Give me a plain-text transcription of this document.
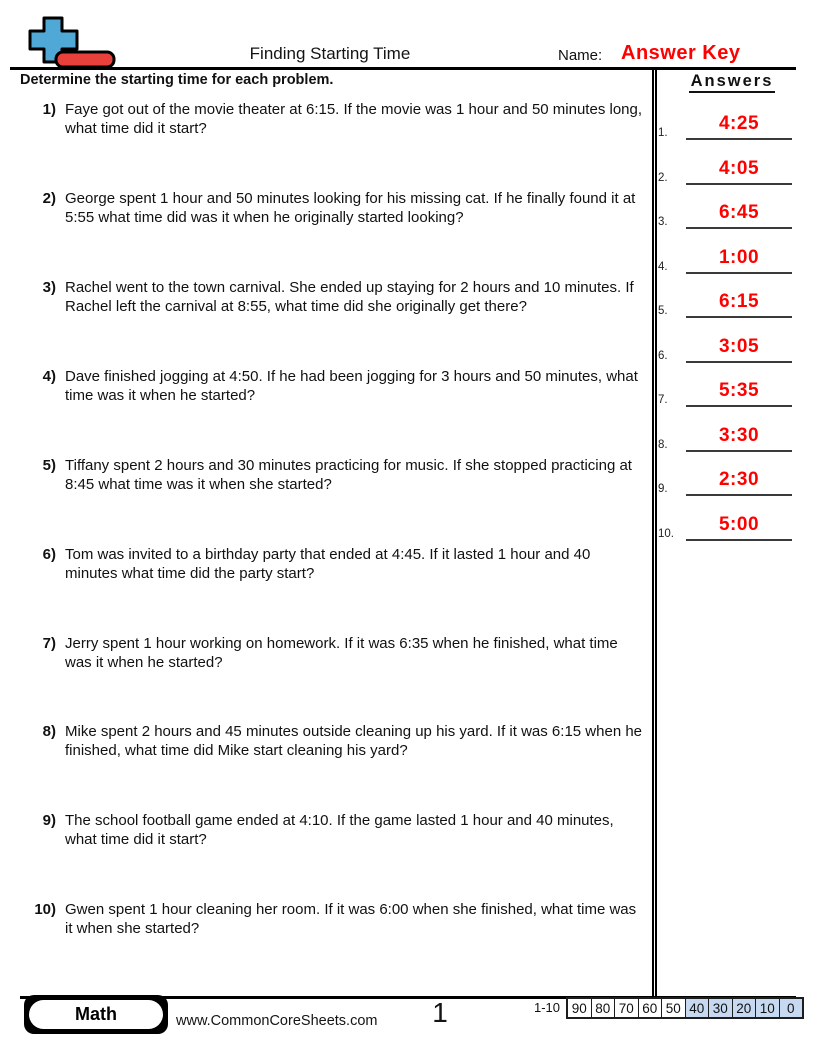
Finding Starting Time	Name: Answer Key
Determine the starting time for each problem.
1) Faye got out of the movie theater at 6:15. If the movie was 1 hour and 50 minutes long, what time did it start?
2) George spent 1 hour and 50 minutes looking for his missing cat. If he finally found it at 5:55 what time did was it when he originally started looking?
3) Rachel went to the town carnival. She ended up staying for 2 hours and 10 minutes. If Rachel left the carnival at 8:55, what time did she originally get there?
4) Dave finished jogging at 4:50. If he had been jogging for 3 hours and 50 minutes, what time was it when he started?
5) Tiffany spent 2 hours and 30 minutes practicing for music. If she stopped practicing at 8:45 what time was it when she started?
6) Tom was invited to a birthday party that ended at 4:45. If it lasted 1 hour and 40 minutes what time did the party start?
7) Jerry spent 1 hour working on homework. If it was 6:35 when he finished, what time was it when he started?
8) Mike spent 2 hours and 45 minutes outside cleaning up his yard. If it was 6:15 when he finished, what time did Mike start cleaning his yard?
9) The school football game ended at 4:10. If the game lasted 1 hour and 40 minutes, what time did it start?
10) Gwen spent 1 hour cleaning her room. If it was 6:00 when she finished, what time was it when she started?
Answers
1.	4:25
2.	4:05
3.	6:45
4.	1:00
5.	6:15
6.	3:05
7.	5:35
8.	3:30
9.	2:30
10.	5:00
Math	www.CommonCoreSheets.com	1	1-10 90 80 70 60 50 40 30 20 10 0
